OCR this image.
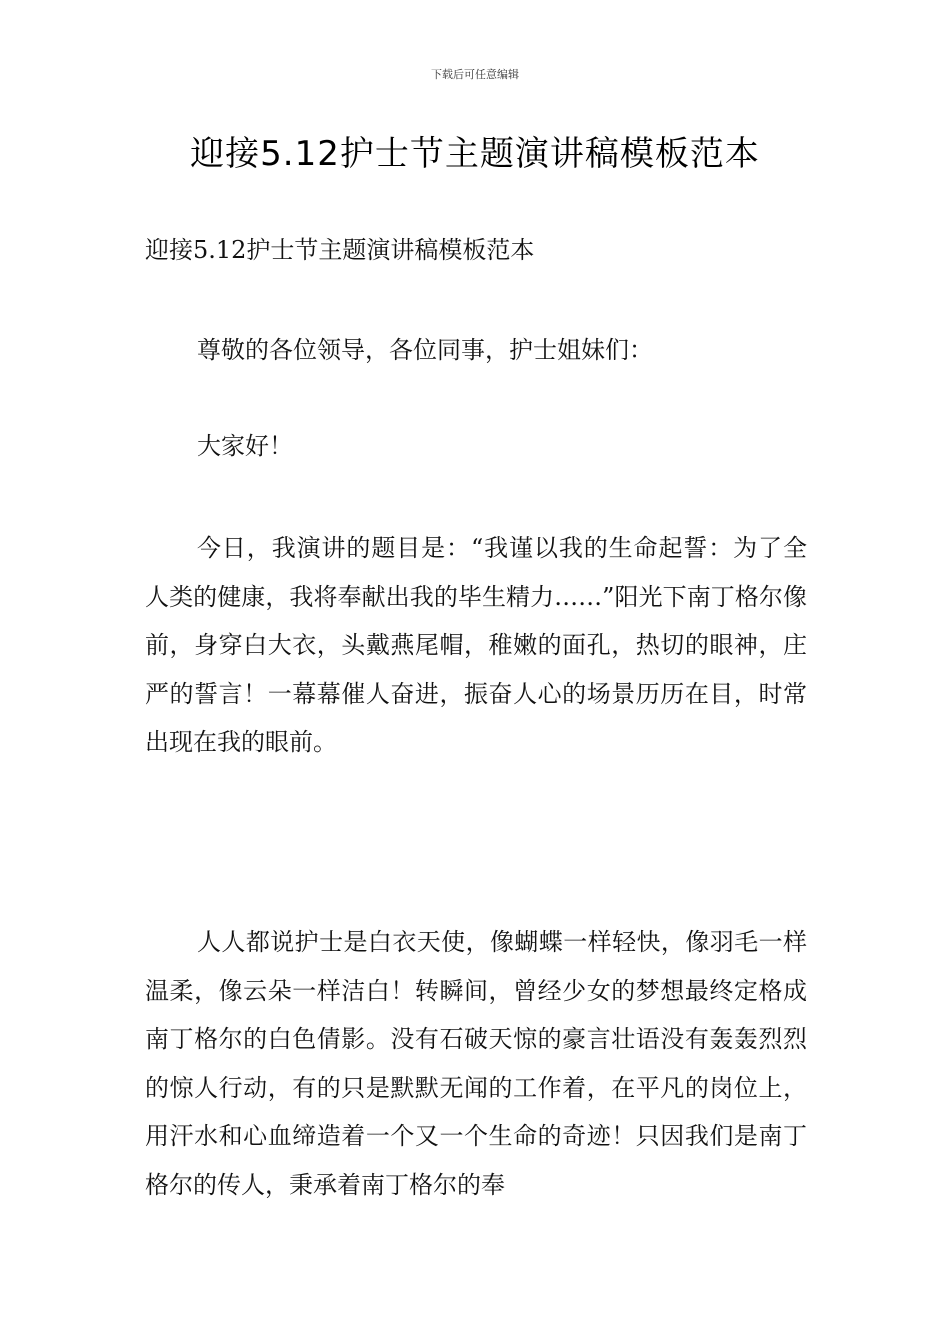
下载后可任意编辑
迎接5.12护士节主题演讲稿模板范本

迎接5.12护士节主题演讲稿模板范本

尊敬的各位领导，各位同事，护士姐妹们：

大家好！

今日，我演讲的题目是：“我谨以我的生命起誓：为了全人类的健康，我将奉献出我的毕生精力……”阳光下南丁格尔像前，身穿白大衣，头戴燕尾帽，稚嫩的面孔，热切的眼神，庄严的誓言！一幕幕催人奋进，振奋人心的场景历历在目，时常出现在我的眼前。

人人都说护士是白衣天使，像蝴蝶一样轻快，像羽毛一样温柔，像云朵一样洁白！转瞬间，曾经少女的梦想最终定格成南丁格尔的白色倩影。没有石破天惊的豪言壮语没有轰轰烈烈的惊人行动，有的只是默默无闻的工作着，在平凡的岗位上，用汗水和心血缔造着一个又一个生命的奇迹！只因我们是南丁格尔的传人，秉承着南丁格尔的奉
